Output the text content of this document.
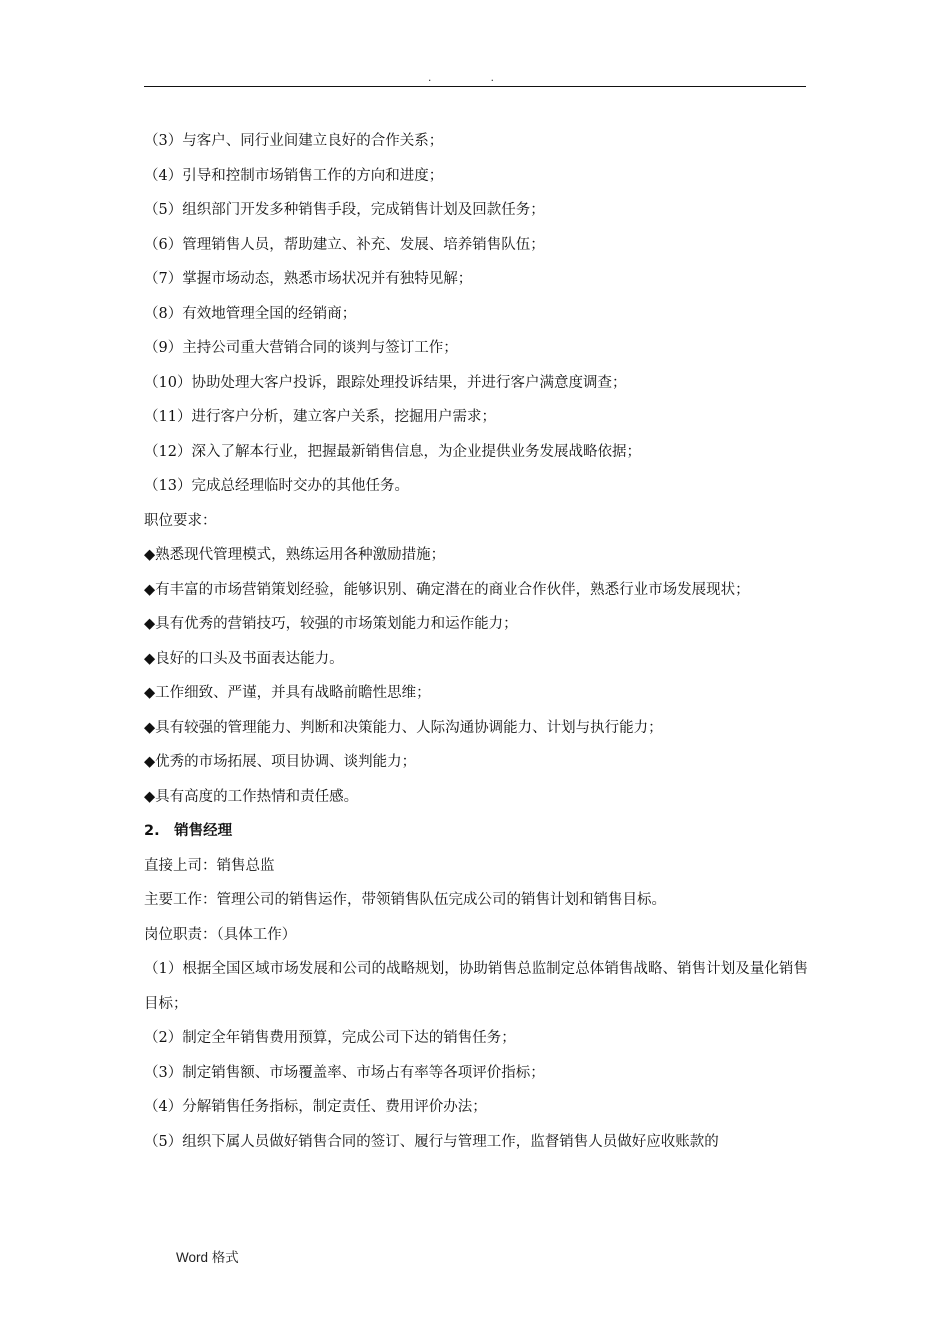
. .
（3）与客户、同行业间建立良好的合作关系；
（4）引导和控制市场销售工作的方向和进度；
（5）组织部门开发多种销售手段，完成销售计划及回款任务；
（6）管理销售人员，帮助建立、补充、发展、培养销售队伍；
（7）掌握市场动态，熟悉市场状况并有独特见解；
（8）有效地管理全国的经销商；
（9）主持公司重大营销合同的谈判与签订工作；
（10）协助处理大客户投诉，跟踪处理投诉结果，并进行客户满意度调查；
（11）进行客户分析，建立客户关系，挖掘用户需求；
（12）深入了解本行业，把握最新销售信息，为企业提供业务发展战略依据；
（13）完成总经理临时交办的其他任务。
职位要求：
◆熟悉现代管理模式，熟练运用各种激励措施；
◆有丰富的市场营销策划经验，能够识别、确定潜在的商业合作伙伴，熟悉行业市场发展现状；
◆具有优秀的营销技巧，较强的市场策划能力和运作能力；
◆良好的口头及书面表达能力。
◆工作细致、严谨，并具有战略前瞻性思维；
◆具有较强的管理能力、判断和决策能力、人际沟通协调能力、计划与执行能力；
◆优秀的市场拓展、项目协调、谈判能力；
◆具有高度的工作热情和责任感。
2.　销售经理
直接上司：销售总监
主要工作：管理公司的销售运作，带领销售队伍完成公司的销售计划和销售目标。
岗位职责：（具体工作）
（1）根据全国区域市场发展和公司的战略规划，协助销售总监制定总体销售战略、销售计划及量化销售目标；
（2）制定全年销售费用预算，完成公司下达的销售任务；
（3）制定销售额、市场覆盖率、市场占有率等各项评价指标；
（4）分解销售任务指标，制定责任、费用评价办法；
（5）组织下属人员做好销售合同的签订、履行与管理工作，监督销售人员做好应收账款的
Word 格式
